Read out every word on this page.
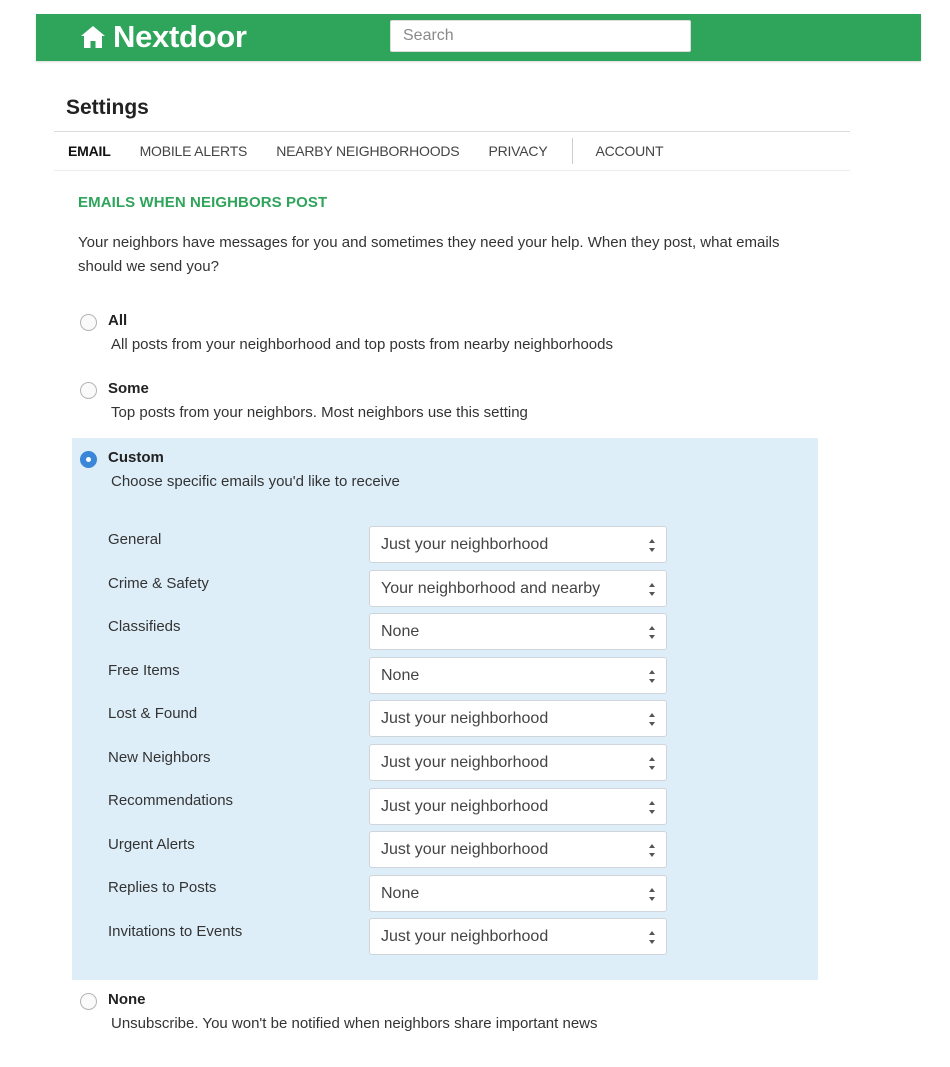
Nextdoor
Search
Settings
EMAIL MOBILE ALERTS NEARBY NEIGHBORHOODS PRIVACY	ACCOUNT
EMAILS WHEN NEIGHBORS POST
Your neighbors have messages for you and sometimes they need your help. When they post, what emails should we send you?
All
All posts from your neighborhood and top posts from nearby neighborhoods
Some
Top posts from your neighbors. Most neighbors use this setting
Custom
Choose specific emails you'd like to receive
General	Just your neighborhood
Crime & Safety	Your neighborhood and nearby
Classifieds	None
Free Items	None
Lost & Found	Just your neighborhood
New Neighbors	Just your neighborhood
Recommendations	Just your neighborhood
Urgent Alerts	Just your neighborhood
Replies to Posts	None
Invitations to Events	Just your neighborhood
None
Unsubscribe. You won't be notified when neighbors share important news
